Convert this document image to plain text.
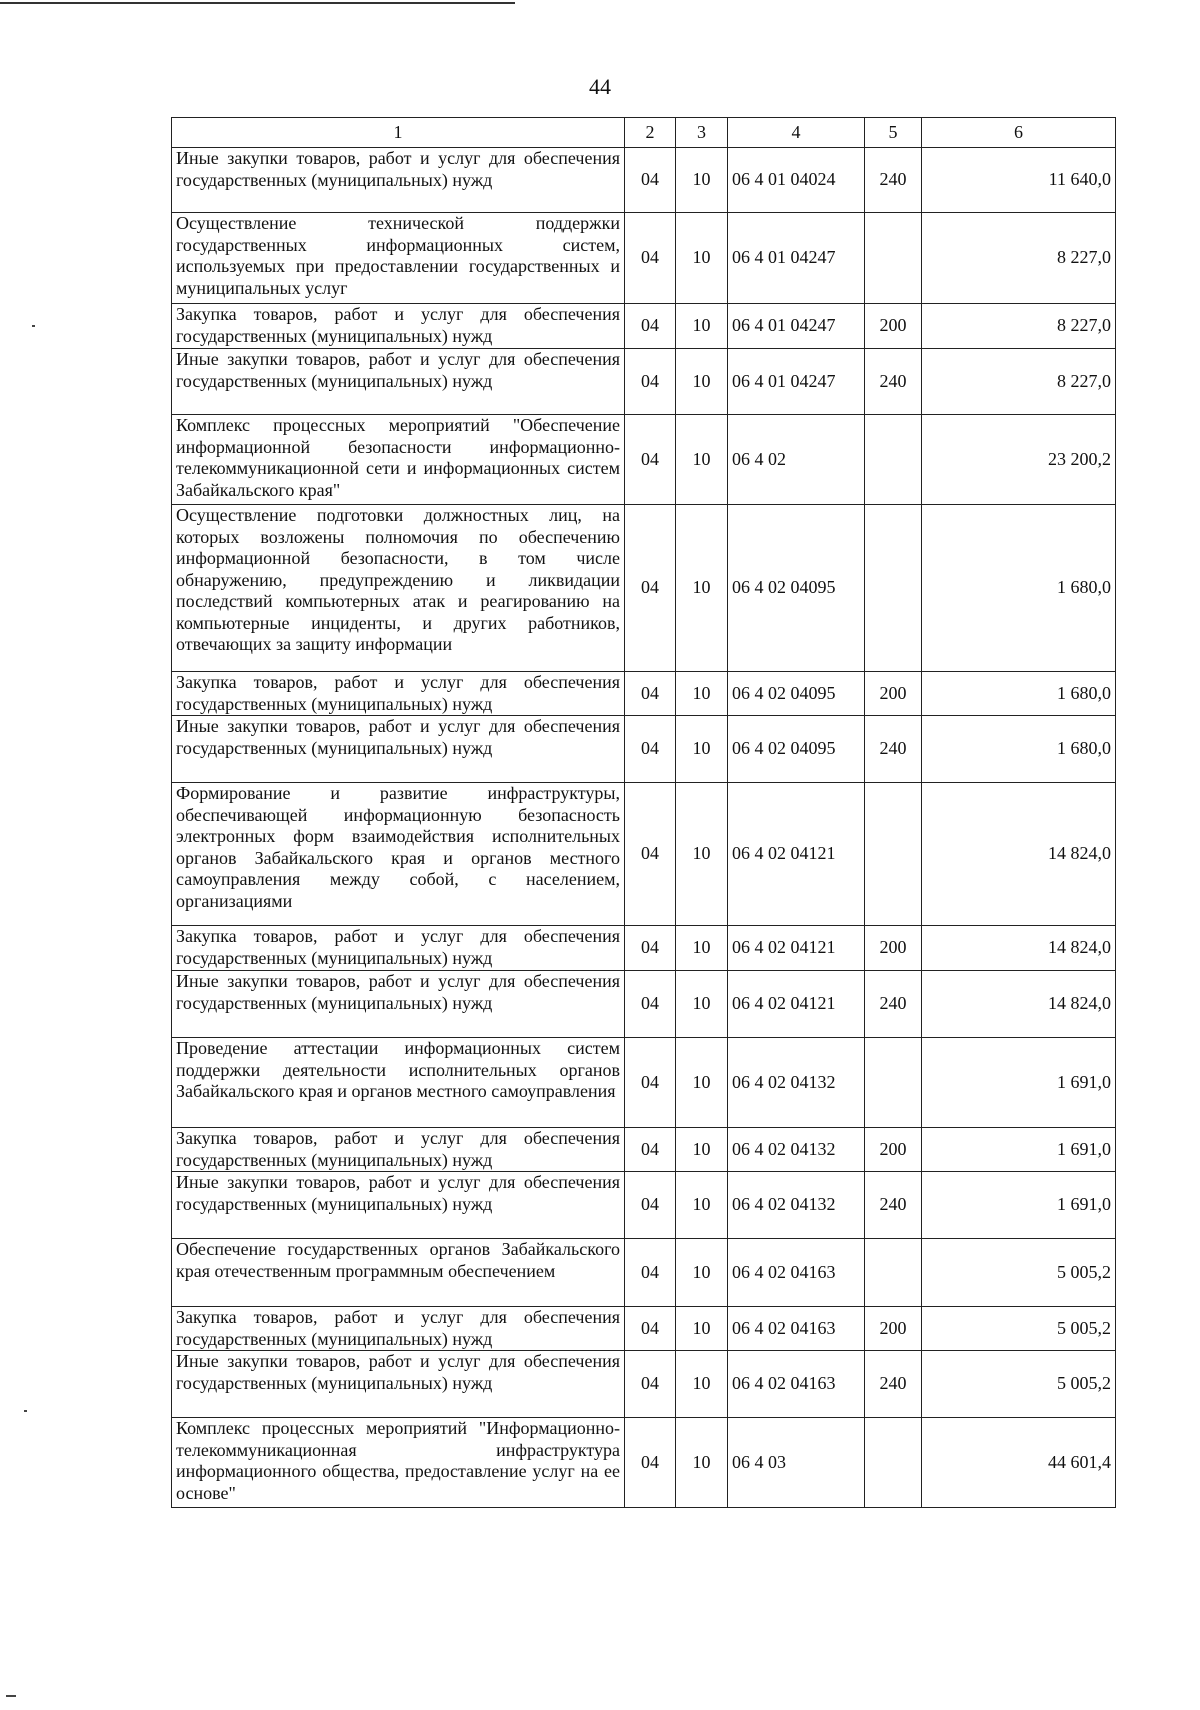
44
1	2	3	4	5	6
Иные закупки товаров, работ и услуг для обеспечения государственных (муниципальных) нужд	04	10	06 4 01 04024	240	11 640,0
Осуществление технической поддержки государственных информационных систем, используемых при предоставлении государственных и муниципальных услуг	04	10	06 4 01 04247		8 227,0
Закупка товаров, работ и услуг для обеспечения государственных (муниципальных) нужд	04	10	06 4 01 04247	200	8 227,0
Иные закупки товаров, работ и услуг для обеспечения государственных (муниципальных) нужд	04	10	06 4 01 04247	240	8 227,0
Комплекс процессных мероприятий "Обеспечение информационной безопасности информационно-телекоммуникационной сети и информационных систем Забайкальского края"	04	10	06 4 02		23 200,2
Осуществление подготовки должностных лиц, на которых возложены полномочия по обеспечению информационной безопасности, в том числе обнаружению, предупреждению и ликвидации последствий компьютерных атак и реагированию на компьютерные инциденты, и других работников, отвечающих за защиту информации	04	10	06 4 02 04095		1 680,0
Закупка товаров, работ и услуг для обеспечения государственных (муниципальных) нужд	04	10	06 4 02 04095	200	1 680,0
Иные закупки товаров, работ и услуг для обеспечения государственных (муниципальных) нужд	04	10	06 4 02 04095	240	1 680,0
Формирование и развитие инфраструктуры, обеспечивающей информационную безопасность электронных форм взаимодействия исполнительных органов Забайкальского края и органов местного самоуправления между собой, с населением, организациями	04	10	06 4 02 04121		14 824,0
Закупка товаров, работ и услуг для обеспечения государственных (муниципальных) нужд	04	10	06 4 02 04121	200	14 824,0
Иные закупки товаров, работ и услуг для обеспечения государственных (муниципальных) нужд	04	10	06 4 02 04121	240	14 824,0
Проведение аттестации информационных систем поддержки деятельности исполнительных органов Забайкальского края и органов местного самоуправления	04	10	06 4 02 04132		1 691,0
Закупка товаров, работ и услуг для обеспечения государственных (муниципальных) нужд	04	10	06 4 02 04132	200	1 691,0
Иные закупки товаров, работ и услуг для обеспечения государственных (муниципальных) нужд	04	10	06 4 02 04132	240	1 691,0
Обеспечение государственных органов Забайкальского края отечественным программным обеспечением	04	10	06 4 02 04163		5 005,2
Закупка товаров, работ и услуг для обеспечения государственных (муниципальных) нужд	04	10	06 4 02 04163	200	5 005,2
Иные закупки товаров, работ и услуг для обеспечения государственных (муниципальных) нужд	04	10	06 4 02 04163	240	5 005,2
Комплекс процессных мероприятий "Информационно-телекоммуникационная инфраструктура информационного общества, предоставление услуг на ее основе"	04	10	06 4 03		44 601,4
